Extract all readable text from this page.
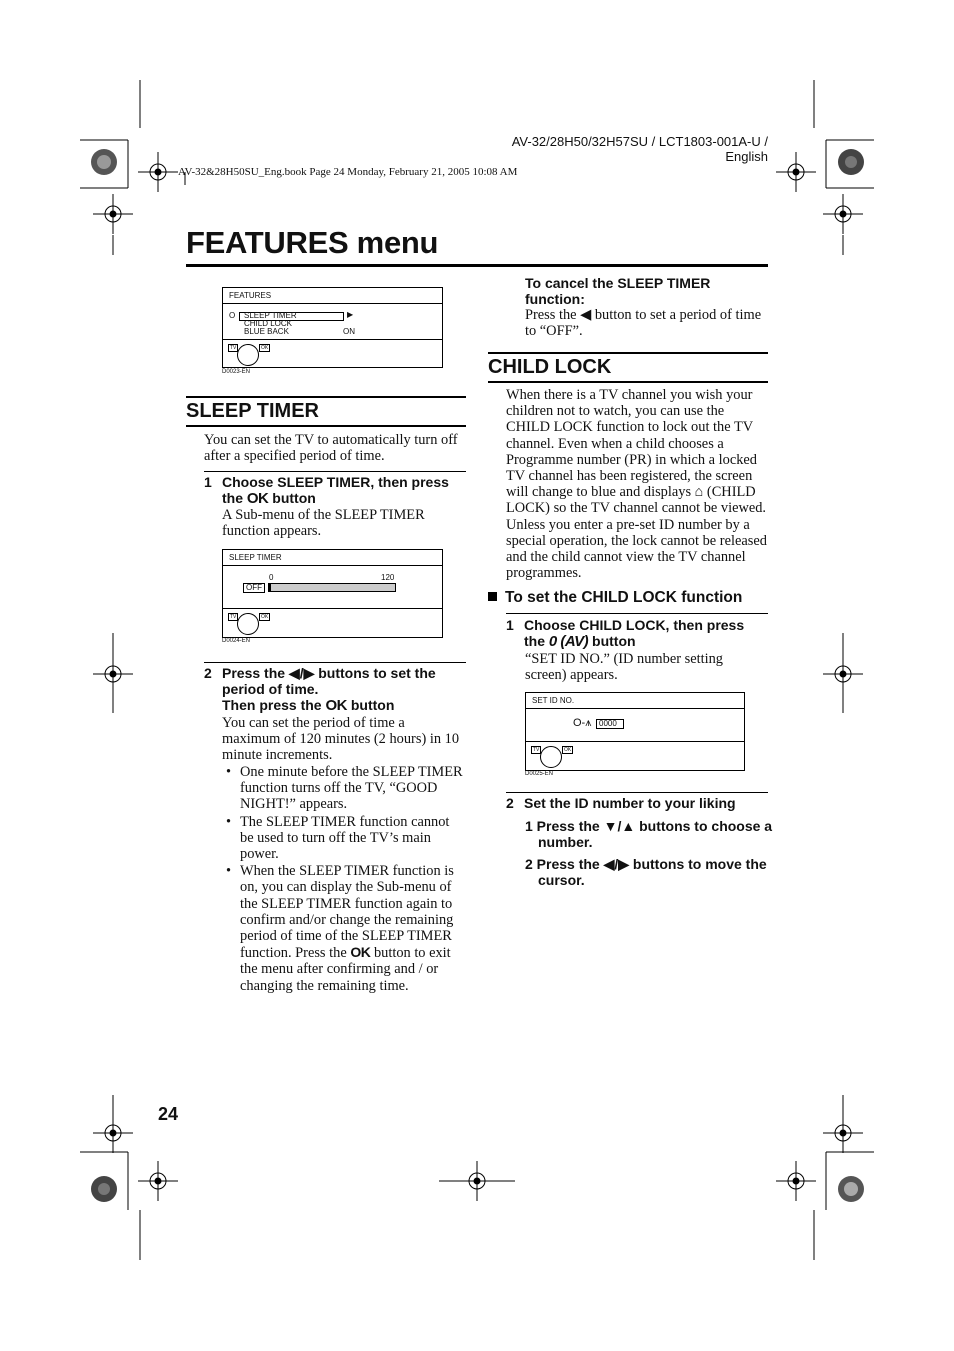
AV-32/28H50/32H57SU / LCT1803-001A-U / English
AV-32&28H50SU_Eng.book Page 24 Monday, February 21, 2005 10:08 AM
FEATURES menu
FEATURES
O SLEEP TIMER	▶
CHILD LOCK
BLUE BACK	ON
TV	OK
D0023-EN
SLEEP TIMER
You can set the TV to automatically turn off after a specified period of time.
1 Choose SLEEP TIMER, then press the OK button
A Sub-menu of the SLEEP TIMER function appears.
SLEEP TIMER
0	120
OFF
TV	OK
D0024-EN
2 Press the ◀/▶ buttons to set the period of time.
Then press the OK button
You can set the period of time a maximum of 120 minutes (2 hours) in 10 minute increments.
• One minute before the SLEEP TIMER function turns off the TV, “GOOD NIGHT!” appears.
• The SLEEP TIMER function cannot be used to turn off the TV’s main power.
• When the SLEEP TIMER function is on, you can display the Sub-menu of the SLEEP TIMER function again to confirm and/or change the remaining period of time of the SLEEP TIMER function. Press the OK button to exit the menu after confirming and / or changing the remaining time.
To cancel the SLEEP TIMER function:
Press the ◀ button to set a period of time to “OFF”.
CHILD LOCK
When there is a TV channel you wish your children not to watch, you can use the CHILD LOCK function to lock out the TV channel. Even when a child chooses a Programme number (PR) in which a locked TV channel has been registered, the screen will change to blue and displays ⌂ (CHILD LOCK) so the TV channel cannot be viewed. Unless you enter a pre-set ID number by a special operation, the lock cannot be released and the child cannot view the TV channel programmes.
To set the CHILD LOCK function
1 Choose CHILD LOCK, then press the 0 (AV) button
“SET ID NO.” (ID number setting screen) appears.
SET ID NO.
O‐⩚ 0000
TV	OK
D0025-EN
2 Set the ID number to your liking
1 Press the ▼/▲ buttons to choose a number.
2 Press the ◀/▶ buttons to move the cursor.
24
